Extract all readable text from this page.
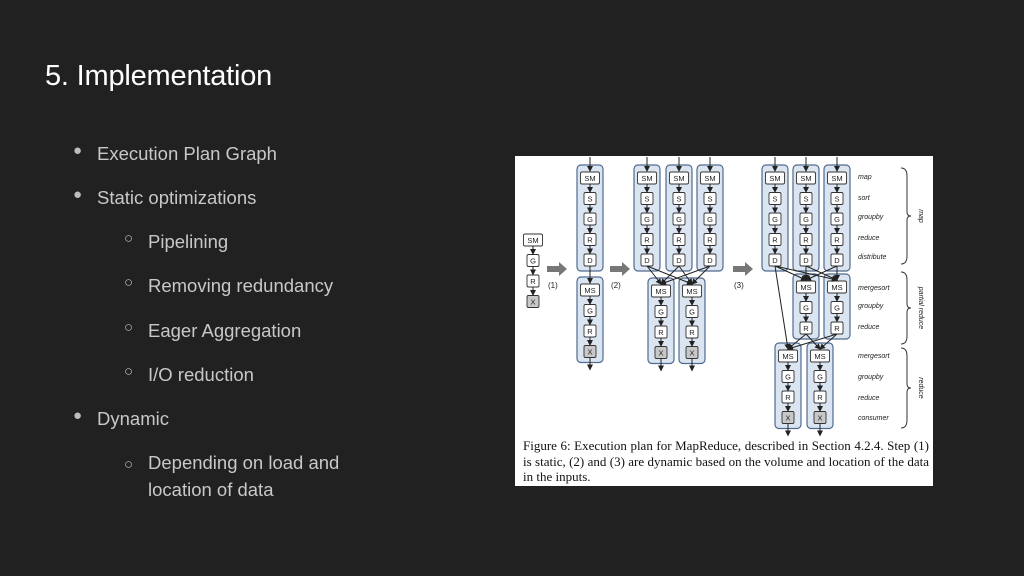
5. Implementation
● Execution Plan Graph
● Static optimizations
○ Pipelining
○ Removing redundancy
○ Eager Aggregation
○ I/O reduction
● Dynamic
○ Depending on load and location of data
SM
G
R
X
(1)
SM
S
G
R
D
MS
G
R
X
(2)
SM
S
G
R
D
SM
S
G
R
D
SM
S
G
R
D
MS
G
R
X
MS
G
R
X
(3)
SM
S
G
R
D
SM
S
G
R
D
SM
S
G
R
D
MS
G
R
MS
G
R
MS
G
R
X
MS
G
R
X
map
sort
groupby
reduce
distribute
mergesort
groupby
reduce
mergesort
groupby
reduce
consumer
map
partial reduce
reduce
Figure 6: Execution plan for MapReduce, described in Section 4.2.4. Step (1) is static, (2) and (3) are dynamic based on the volume and location of the data in the inputs.
